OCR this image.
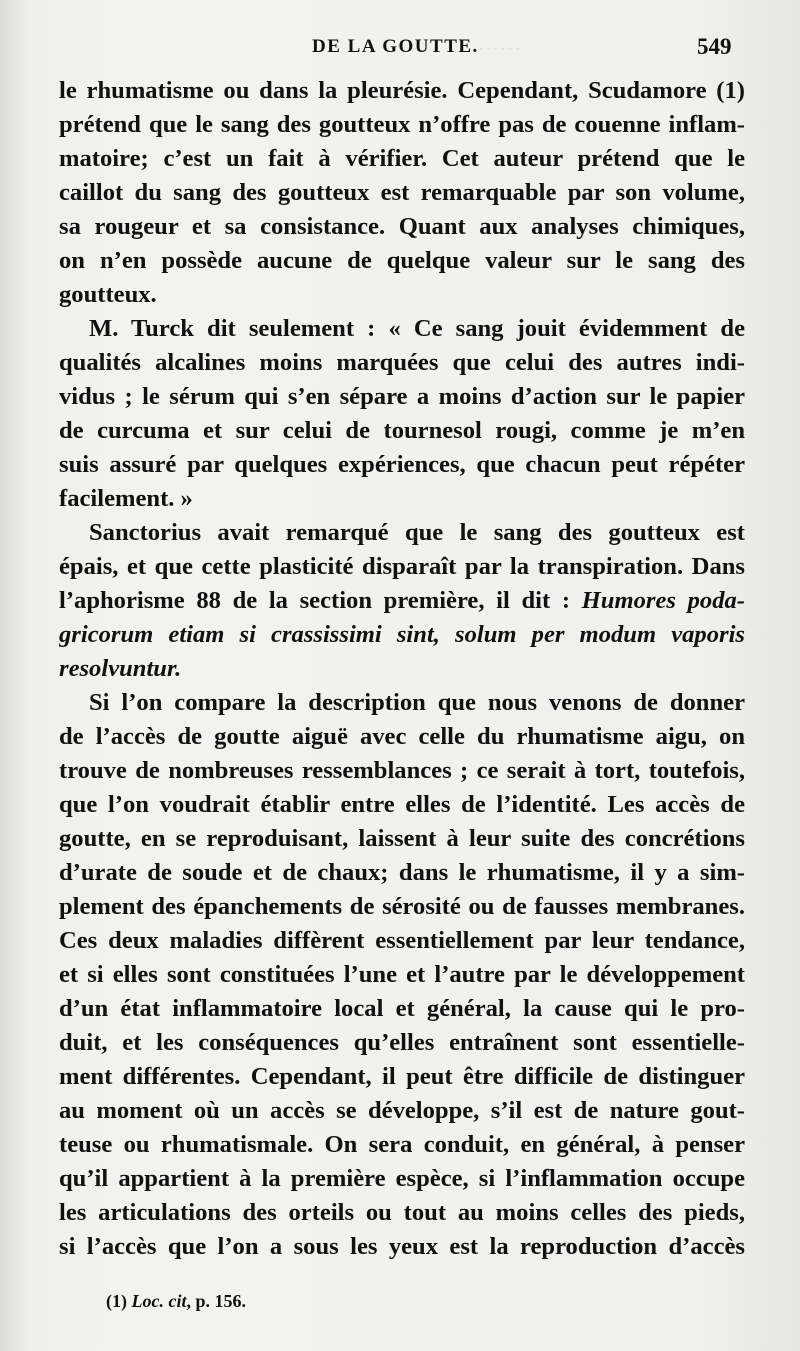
·······
DE LA GOUTTE.	549
le rhumatisme ou dans la pleurésie. Cependant, Scudamore (1)
prétend que le sang des goutteux n’offre pas de couenne inflam-
matoire; c’est un fait à vérifier. Cet auteur prétend que le
caillot du sang des goutteux est remarquable par son volume,
sa rougeur et sa consistance. Quant aux analyses chimiques,
on n’en possède aucune de quelque valeur sur le sang des
goutteux.
M. Turck dit seulement : « Ce sang jouit évidemment de
qualités alcalines moins marquées que celui des autres indi-
vidus ; le sérum qui s’en sépare a moins d’action sur le papier
de curcuma et sur celui de tournesol rougi, comme je m’en
suis assuré par quelques expériences, que chacun peut répéter
facilement. »
Sanctorius avait remarqué que le sang des goutteux est
épais, et que cette plasticité disparaît par la transpiration. Dans
l’aphorisme 88 de la section première, il dit : Humores poda-
gricorum etiam si crassissimi sint, solum per modum vaporis
resolvuntur.
Si l’on compare la description que nous venons de donner
de l’accès de goutte aiguë avec celle du rhumatisme aigu, on
trouve de nombreuses ressemblances ; ce serait à tort, toutefois,
que l’on voudrait établir entre elles de l’identité. Les accès de
goutte, en se reproduisant, laissent à leur suite des concrétions
d’urate de soude et de chaux; dans le rhumatisme, il y a sim-
plement des épanchements de sérosité ou de fausses membranes.
Ces deux maladies diffèrent essentiellement par leur tendance,
et si elles sont constituées l’une et l’autre par le développement
d’un état inflammatoire local et général, la cause qui le pro-
duit, et les conséquences qu’elles entraînent sont essentielle-
ment différentes. Cependant, il peut être difficile de distinguer
au moment où un accès se développe, s’il est de nature gout-
teuse ou rhumatismale. On sera conduit, en général, à penser
qu’il appartient à la première espèce, si l’inflammation occupe
les articulations des orteils ou tout au moins celles des pieds,
si l’accès que l’on a sous les yeux est la reproduction d’accès
(1) Loc. cit, p. 156.
